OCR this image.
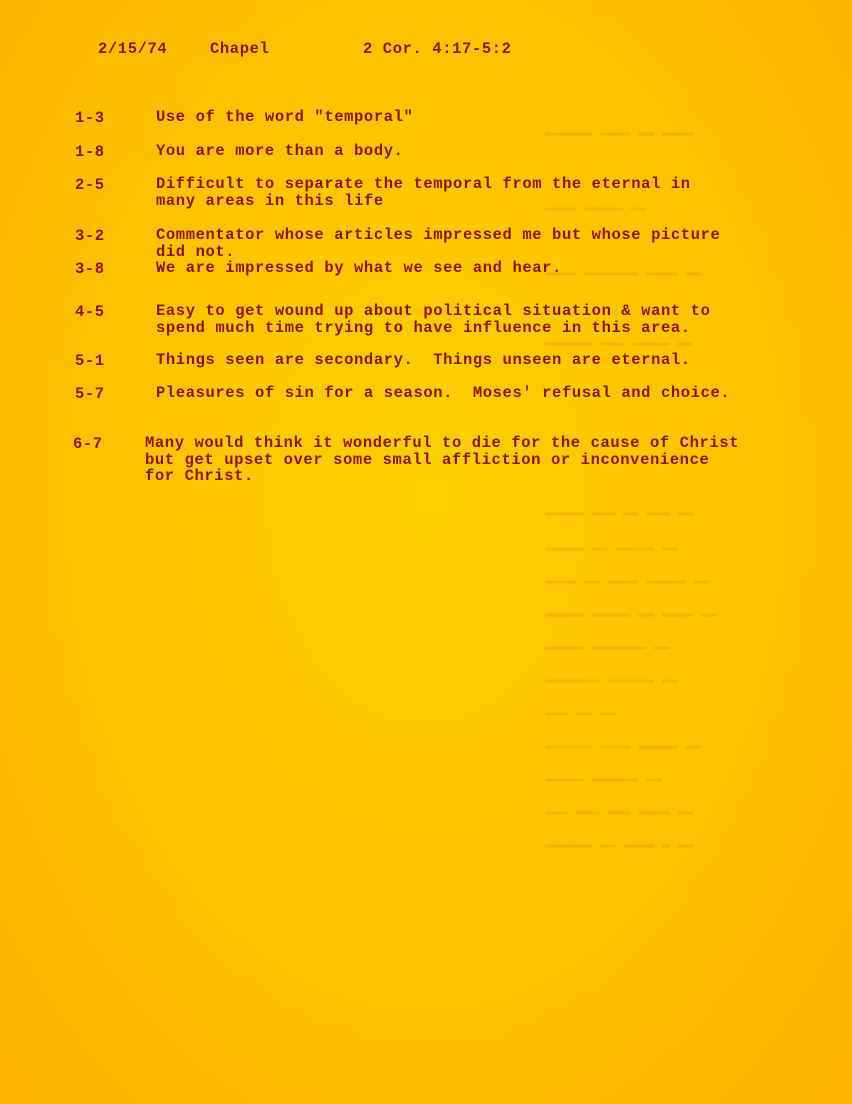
▬▬▬▬ ▬▬ ▬▬▬▬ ▬▬▬▬▬▬
▬▬ ▬▬▬▬▬ ▬▬▬▬
▬▬ ▬▬▬▬ ▬▬▬▬▬▬▬ ▬▬▬▬
▬▬ ▬▬▬▬▬ ▬▬▬ ▬▬▬▬▬▬
▬▬ ▬▬▬ ▬▬ ▬▬▬ ▬▬▬▬▬
▬▬ ▬▬▬▬▬ ▬▬ ▬▬▬▬▬
▬▬ ▬▬▬▬▬ ▬▬▬▬ ▬▬ ▬▬▬▬
▬▬ ▬▬▬▬ ▬▬ ▬▬▬▬▬ ▬▬▬▬▬
▬▬ ▬▬▬▬▬▬▬ ▬▬▬▬▬
▬▬ ▬▬▬▬▬▬ ▬▬▬▬▬▬▬
▬▬ ▬▬ ▬▬▬
▬▬ ▬▬▬▬▬ ▬▬▬▬ ▬▬▬▬▬▬
▬▬ ▬▬▬▬▬▬ ▬▬▬▬▬
▬▬ ▬▬▬▬ ▬▬▬ ▬▬▬ ▬▬▬
▬▬ ▬ ▬▬▬▬ ▬▬ ▬▬▬▬▬▬
2/15/74	Chapel	2 Cor. 4:17-5:2
1-3	Use of the word "temporal"
1-8	You are more than a body.
2-5	Difficult to separate the temporal from the eternal in
many areas in this life
3-2	Commentator whose articles impressed me but whose picture
did not.
3-8	We are impressed by what we see and hear.
4-5	Easy to get wound up about political situation & want to
spend much time trying to have influence in this area.
5-1	Things seen are secondary.  Things unseen are eternal.
5-7	Pleasures of sin for a season.  Moses' refusal and choice.
6-7	Many would think it wonderful to die for the cause of Christ
but get upset over some small affliction or inconvenience
for Christ.
